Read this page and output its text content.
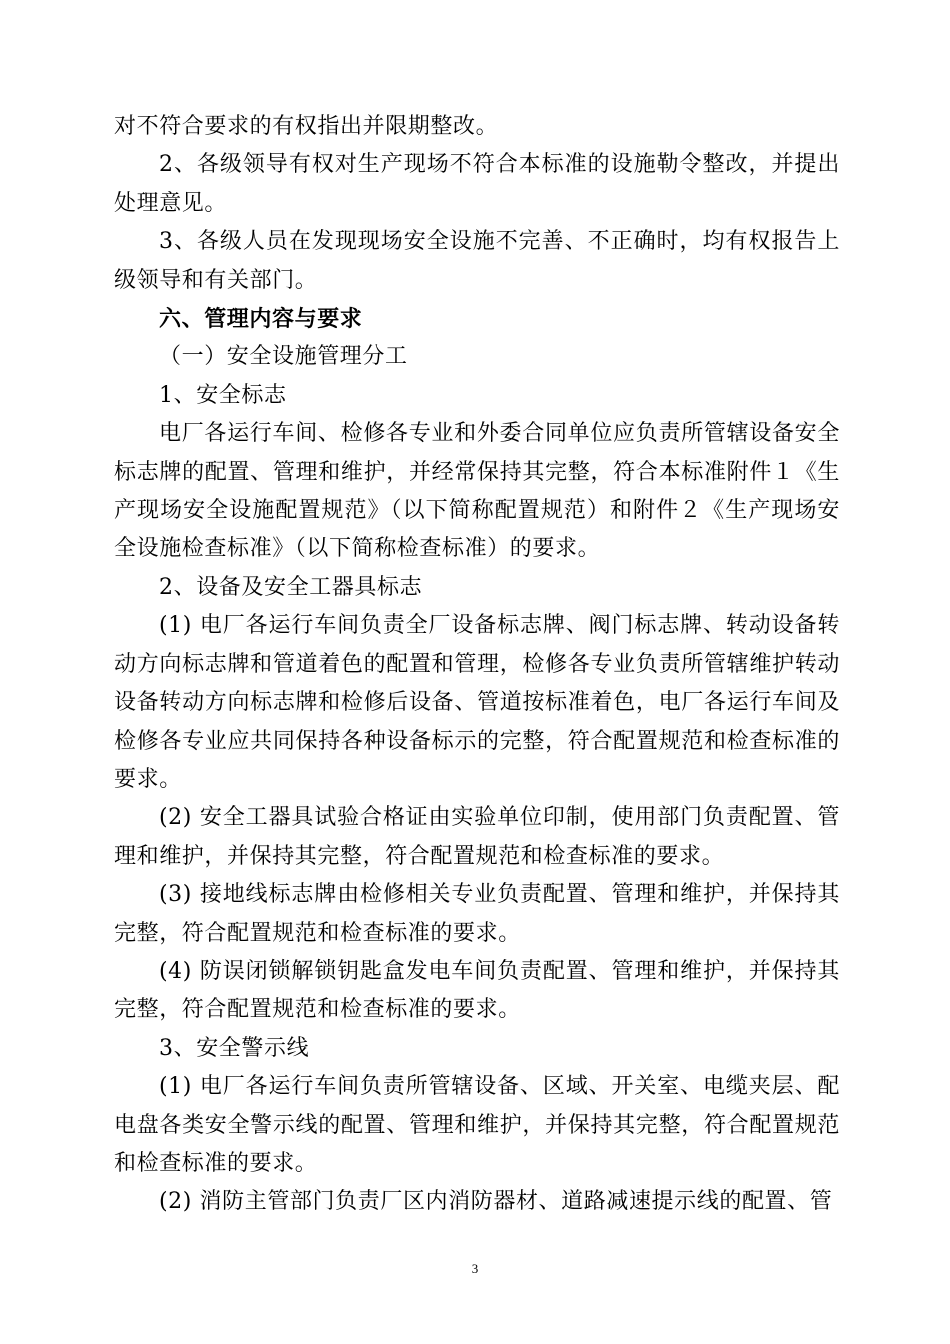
对不符合要求的有权指出并限期整改。

2、各级领导有权对生产现场不符合本标准的设施勒令整改，并提出处理意见。

3、各级人员在发现现场安全设施不完善、不正确时，均有权报告上级领导和有关部门。

六、管理内容与要求

（一）安全设施管理分工

1、安全标志

电厂各运行车间、检修各专业和外委合同单位应负责所管辖设备安全标志牌的配置、管理和维护，并经常保持其完整，符合本标准附件１《生产现场安全设施配置规范》（以下简称配置规范）和附件２《生产现场安全设施检查标准》（以下简称检查标准）的要求。

2、设备及安全工器具标志

(1) 电厂各运行车间负责全厂设备标志牌、阀门标志牌、转动设备转动方向标志牌和管道着色的配置和管理，检修各专业负责所管辖维护转动设备转动方向标志牌和检修后设备、管道按标准着色，电厂各运行车间及检修各专业应共同保持各种设备标示的完整，符合配置规范和检查标准的要求。

(2) 安全工器具试验合格证由实验单位印制，使用部门负责配置、管理和维护，并保持其完整，符合配置规范和检查标准的要求。

(3) 接地线标志牌由检修相关专业负责配置、管理和维护，并保持其完整，符合配置规范和检查标准的要求。

(4) 防误闭锁解锁钥匙盒发电车间负责配置、管理和维护，并保持其完整，符合配置规范和检查标准的要求。

3、安全警示线

(1) 电厂各运行车间负责所管辖设备、区域、开关室、电缆夹层、配电盘各类安全警示线的配置、管理和维护，并保持其完整，符合配置规范和检查标准的要求。

(2) 消防主管部门负责厂区内消防器材、道路减速提示线的配置、管

3
